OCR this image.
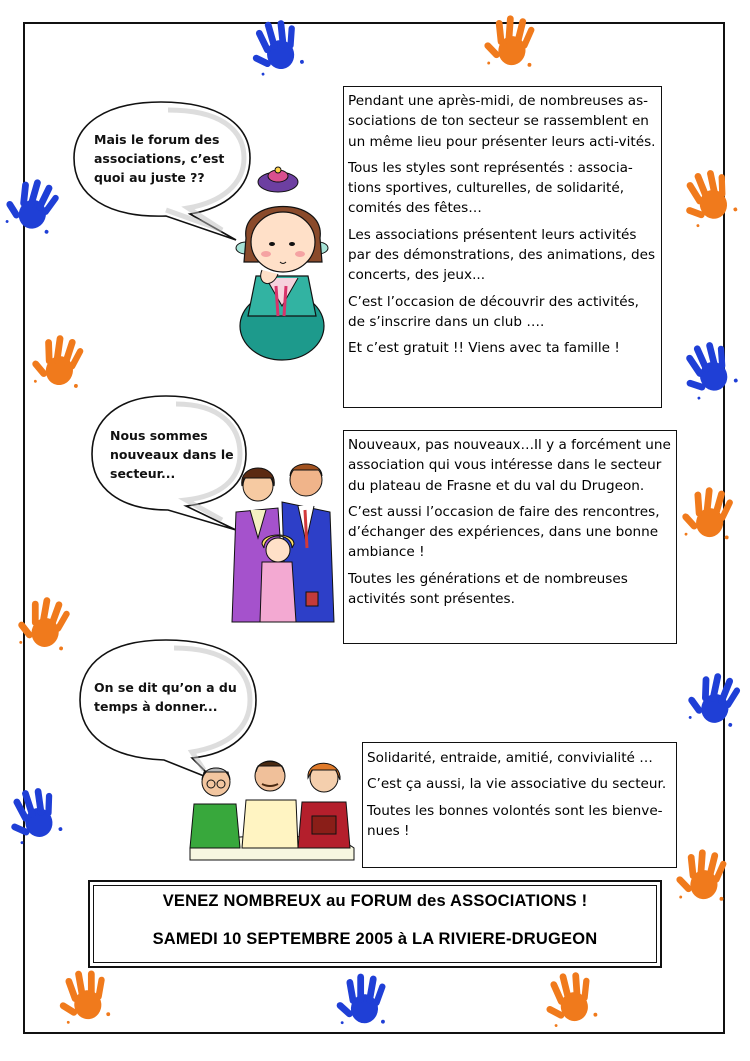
Mais le forum des
associations, c’est
quoi au juste ??

Pendant une après-midi, de nombreuses as-sociations de ton secteur se rassemblent en un même lieu pour présenter leurs acti-vités.

Tous les styles sont représentés : associa-tions sportives, culturelles, de solidarité, comités des fêtes…

Les associations présentent leurs activités par des démonstrations, des animations, des concerts, des jeux...

C’est l’occasion de découvrir des activités, de s’inscrire dans un club ….

Et c’est gratuit !! Viens avec ta famille !

Nous sommes
nouveaux dans le
secteur...

Nouveaux, pas nouveaux…Il y a forcément une association qui vous intéresse dans le secteur du plateau de Frasne et du val du Drugeon.

C’est aussi l’occasion de faire des rencontres, d’échanger des expériences, dans une bonne ambiance !

Toutes les générations et de nombreuses activités sont présentes.

On se dit qu’on a du
temps à donner...

Solidarité, entraide, amitié, convivialité …

C’est ça aussi, la vie associative du secteur.

Toutes les bonnes volontés sont les bienve-nues !

VENEZ NOMBREUX au FORUM des ASSOCIATIONS !
SAMEDI 10 SEPTEMBRE 2005 à LA RIVIERE-DRUGEON
